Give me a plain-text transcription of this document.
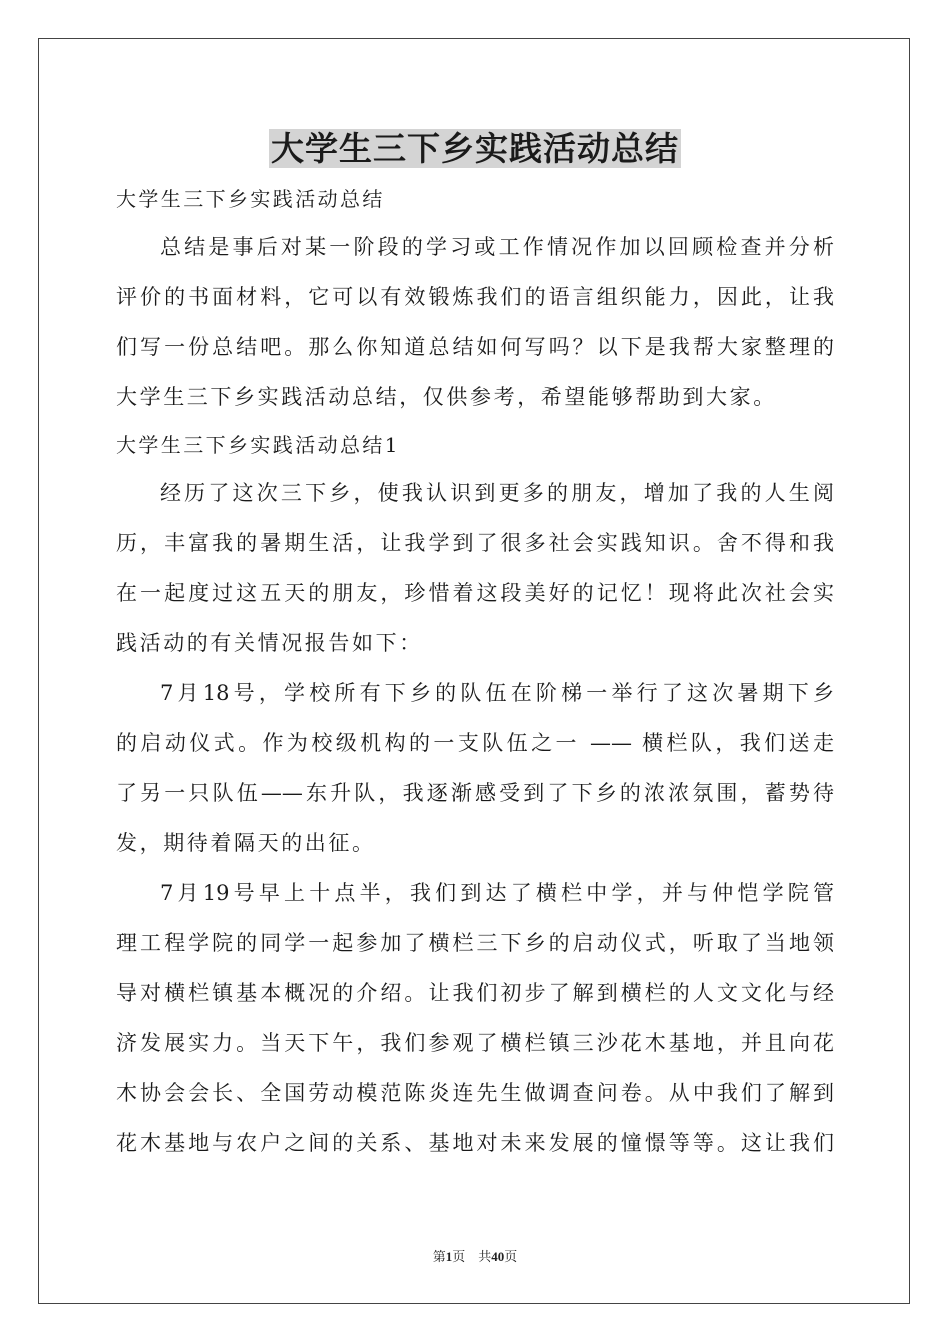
大学生三下乡实践活动总结

大学生三下乡实践活动总结

总结是事后对某一阶段的学习或工作情况作加以回顾检查并分析

评价的书面材料，它可以有效锻炼我们的语言组织能力，因此，让我

们写一份总结吧。那么你知道总结如何写吗？以下是我帮大家整理的

大学生三下乡实践活动总结，仅供参考，希望能够帮助到大家。

大学生三下乡实践活动总结1

经历了这次三下乡，使我认识到更多的朋友，增加了我的人生阅

历，丰富我的暑期生活，让我学到了很多社会实践知识。舍不得和我

在一起度过这五天的朋友，珍惜着这段美好的记忆！现将此次社会实

践活动的有关情况报告如下：

7月18号，学校所有下乡的队伍在阶梯一举行了这次暑期下乡

的启动仪式。作为校级机构的一支队伍之一 —— 横栏队，我们送走

了另一只队伍——东升队，我逐渐感受到了下乡的浓浓氛围，蓄势待

发，期待着隔天的出征。

7月19号早上十点半，我们到达了横栏中学，并与仲恺学院管

理工程学院的同学一起参加了横栏三下乡的启动仪式，听取了当地领

导对横栏镇基本概况的介绍。让我们初步了解到横栏的人文文化与经

济发展实力。当天下午，我们参观了横栏镇三沙花木基地，并且向花

木协会会长、全国劳动模范陈炎连先生做调查问卷。从中我们了解到

花木基地与农户之间的关系、基地对未来发展的憧憬等等。这让我们

第1页　共40页
